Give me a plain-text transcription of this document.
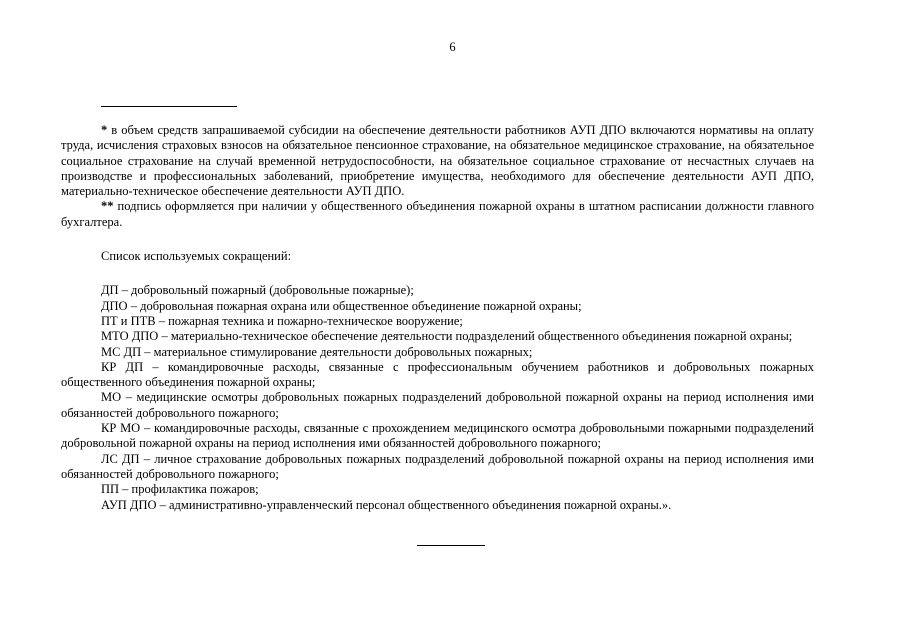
6

* в объем средств запрашиваемой субсидии на обеспечение деятельности работников АУП ДПО включаются нормативы на оплату труда, исчисления страховых взносов на обязательное пенсионное страхование, на обязательное медицинское страхование, на обязательное социальное страхование на случай временной нетрудоспособности, на обязательное социальное страхование от несчастных случаев на производстве и профессиональных заболеваний, приобретение имущества, необходимого для обеспечение деятельности АУП ДПО, материально-техническое обеспечение деятельности АУП ДПО.

** подпись оформляется при наличии у общественного объединения пожарной охраны в штатном расписании должности главного бухгалтера.

Список используемых сокращений:

ДП – добровольный пожарный (добровольные пожарные);

ДПО – добровольная пожарная охрана или общественное объединение пожарной охраны;

ПТ и ПТВ – пожарная техника и пожарно-техническое вооружение;

МТО ДПО – материально-техническое обеспечение деятельности подразделений общественного объединения пожарной охраны;

МС ДП – материальное стимулирование деятельности добровольных пожарных;

КР ДП – командировочные расходы, связанные с профессиональным обучением работников и добровольных пожарных общественного объединения пожарной охраны;

МО – медицинские осмотры добровольных пожарных подразделений добровольной пожарной охраны на период исполнения ими обязанностей добровольного пожарного;

КР МО – командировочные расходы, связанные с прохождением медицинского осмотра добровольными пожарными подразделений добровольной пожарной охраны на период исполнения ими обязанностей добровольного пожарного;

ЛС ДП – личное страхование добровольных пожарных подразделений добровольной пожарной охраны на период исполнения ими обязанностей добровольного пожарного;

ПП – профилактика пожаров;

АУП ДПО – административно-управленческий персонал общественного объединения пожарной охраны.».
